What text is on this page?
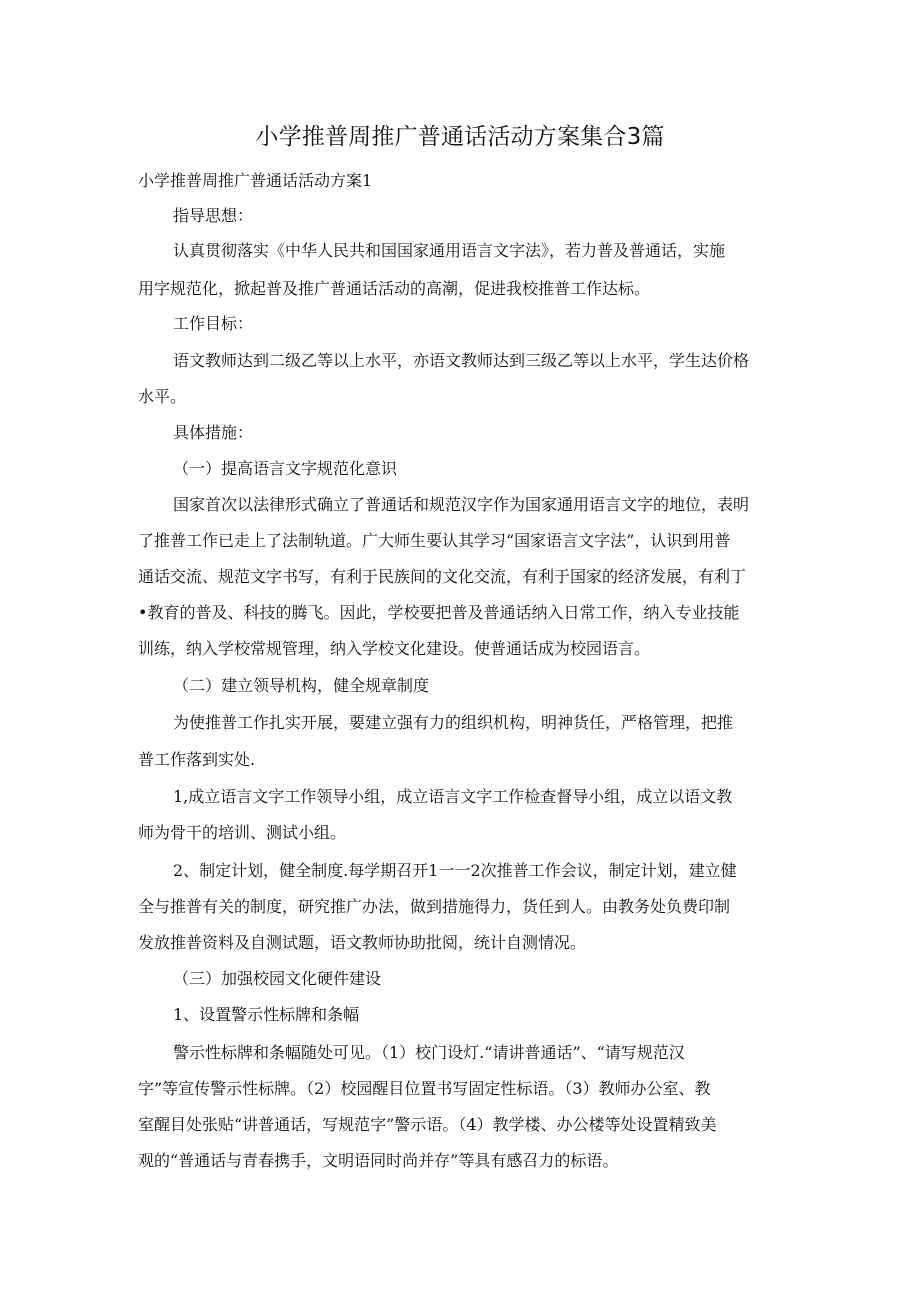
小学推普周推广普通话活动方案集合3篇
小学推普周推广普通话活动方案1
指导思想：
认真贯彻落实《中华人民共和国国家通用语言文字法》，若力普及普通话，实施
用字规范化，掀起普及推广普通话活动的高潮，促进我校推普工作达标。
工作目标：
语文教师达到二级乙等以上水平，亦语文教师达到三级乙等以上水平，学生达价格
水平。
具体措施：
（一）提高语言文字规范化意识
国家首次以法律形式确立了普通话和规范汉字作为国家通用语言文字的地位，表明
了推普工作已走上了法制轨道。广大师生要认其学习“国家语言文字法”，认识到用普
通话交流、规范文字书写，有利于民族间的文化交流，有利于国家的经济发展，有利丁
•教育的普及、科技的腾飞。因此，学校要把普及普通话纳入日常工作，纳入专业技能
训练，纳入学校常规管理，纳入学校文化建设。使普通话成为校园语言。
（二）建立领导机构，健全规章制度
为使推普工作扎实开展，要建立强有力的组织机构，明神货任，严格管理，把推
普工作落到实处.
1,成立语言文字工作领导小组，成立语言文字工作检查督导小组，成立以语文教
师为骨干的培训、测试小组。
2、制定计划，健全制度.每学期召开1一一2次推普工作会议，制定计划，建立健
全与推普有关的制度，研究推广办法，做到措施得力，货任到人。由教务处负费印制
发放推普资料及自测试题，语文教师协助批阅，统计自测情况。
（三）加强校园文化硬件建设
1、设置警示性标牌和条幅
警示性标牌和条幅随处可见。（1）校门设灯.“请讲普通话”、“请写规范汉
字”等宣传警示性标牌。（2）校园醒目位置书写固定性标语。（3）教师办公室、教
室醒目处张贴“讲普通话，写规范字”警示语。（4）教学楼、办公楼等处设置精致美
观的“普通话与青春携手，文明语同时尚并存”等具有感召力的标语。
